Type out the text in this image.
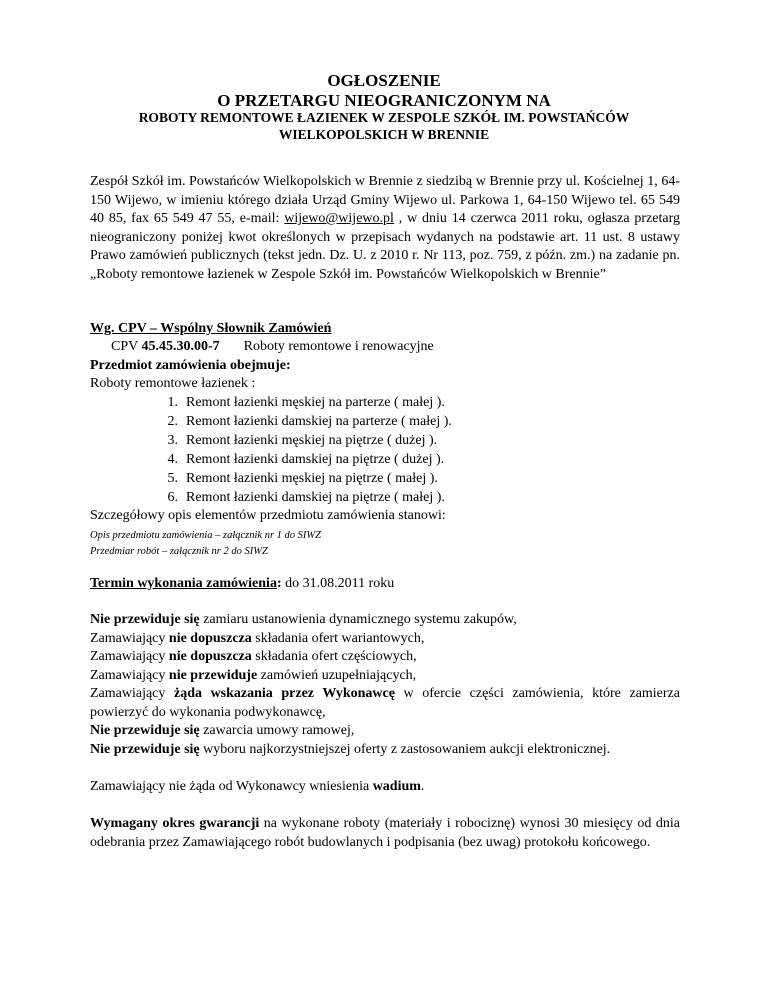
OGŁOSZENIE
O PRZETARGU NIEOGRANICZONYM NA
ROBOTY REMONTOWE ŁAZIENEK W ZESPOLE SZKÓŁ IM. POWSTAŃCÓW
WIELKOPOLSKICH W BRENNIE
Zespół Szkół im. Powstańców Wielkopolskich w Brennie z siedzibą w Brennie przy ul. Kościelnej 1, 64-150 Wijewo, w imieniu którego działa Urząd Gminy Wijewo ul. Parkowa 1, 64-150 Wijewo tel. 65 549 40 85, fax 65 549 47 55, e-mail: wijewo@wijewo.pl , w dniu 14 czerwca 2011 roku, ogłasza przetarg nieograniczony poniżej kwot określonych w przepisach wydanych na podstawie art. 11 ust. 8 ustawy Prawo zamówień publicznych (tekst jedn. Dz. U. z 2010 r. Nr 113, poz. 759, z późn. zm.) na zadanie pn. „Roboty remontowe łazienek w Zespole Szkół im. Powstańców Wielkopolskich w Brennie”
Wg. CPV – Wspólny Słownik Zamówień
CPV 45.45.30.00-7 Roboty remontowe i renowacyjne
Przedmiot zamówienia obejmuje:
Roboty remontowe łazienek :
1. Remont łazienki męskiej na parterze ( małej ).
2. Remont łazienki damskiej na parterze ( małej ).
3. Remont łazienki męskiej na piętrze ( dużej ).
4. Remont łazienki damskiej na piętrze ( dużej ).
5. Remont łazienki męskiej na piętrze ( małej ).
6. Remont łazienki damskiej na piętrze ( małej ).
Szczegółowy opis elementów przedmiotu zamówienia stanowi:
Opis przedmiotu zamówienia – załącznik nr 1 do SIWZ
Przedmiar robót – załącznik nr 2 do SIWZ
Termin wykonania zamówienia: do 31.08.2011 roku
Nie przewiduje się zamiaru ustanowienia dynamicznego systemu zakupów,
Zamawiający nie dopuszcza składania ofert wariantowych,
Zamawiający nie dopuszcza składania ofert częściowych,
Zamawiający nie przewiduje zamówień uzupełniających,
Zamawiający żąda wskazania przez Wykonawcę w ofercie części zamówienia, które zamierza powierzyć do wykonania podwykonawcę,
Nie przewiduje się zawarcia umowy ramowej,
Nie przewiduje się wyboru najkorzystniejszej oferty z zastosowaniem aukcji elektronicznej.
Zamawiający nie żąda od Wykonawcy wniesienia wadium.
Wymagany okres gwarancji na wykonane roboty (materiały i robociznę) wynosi 30 miesięcy od dnia odebrania przez Zamawiającego robót budowlanych i podpisania (bez uwag) protokołu końcowego.
